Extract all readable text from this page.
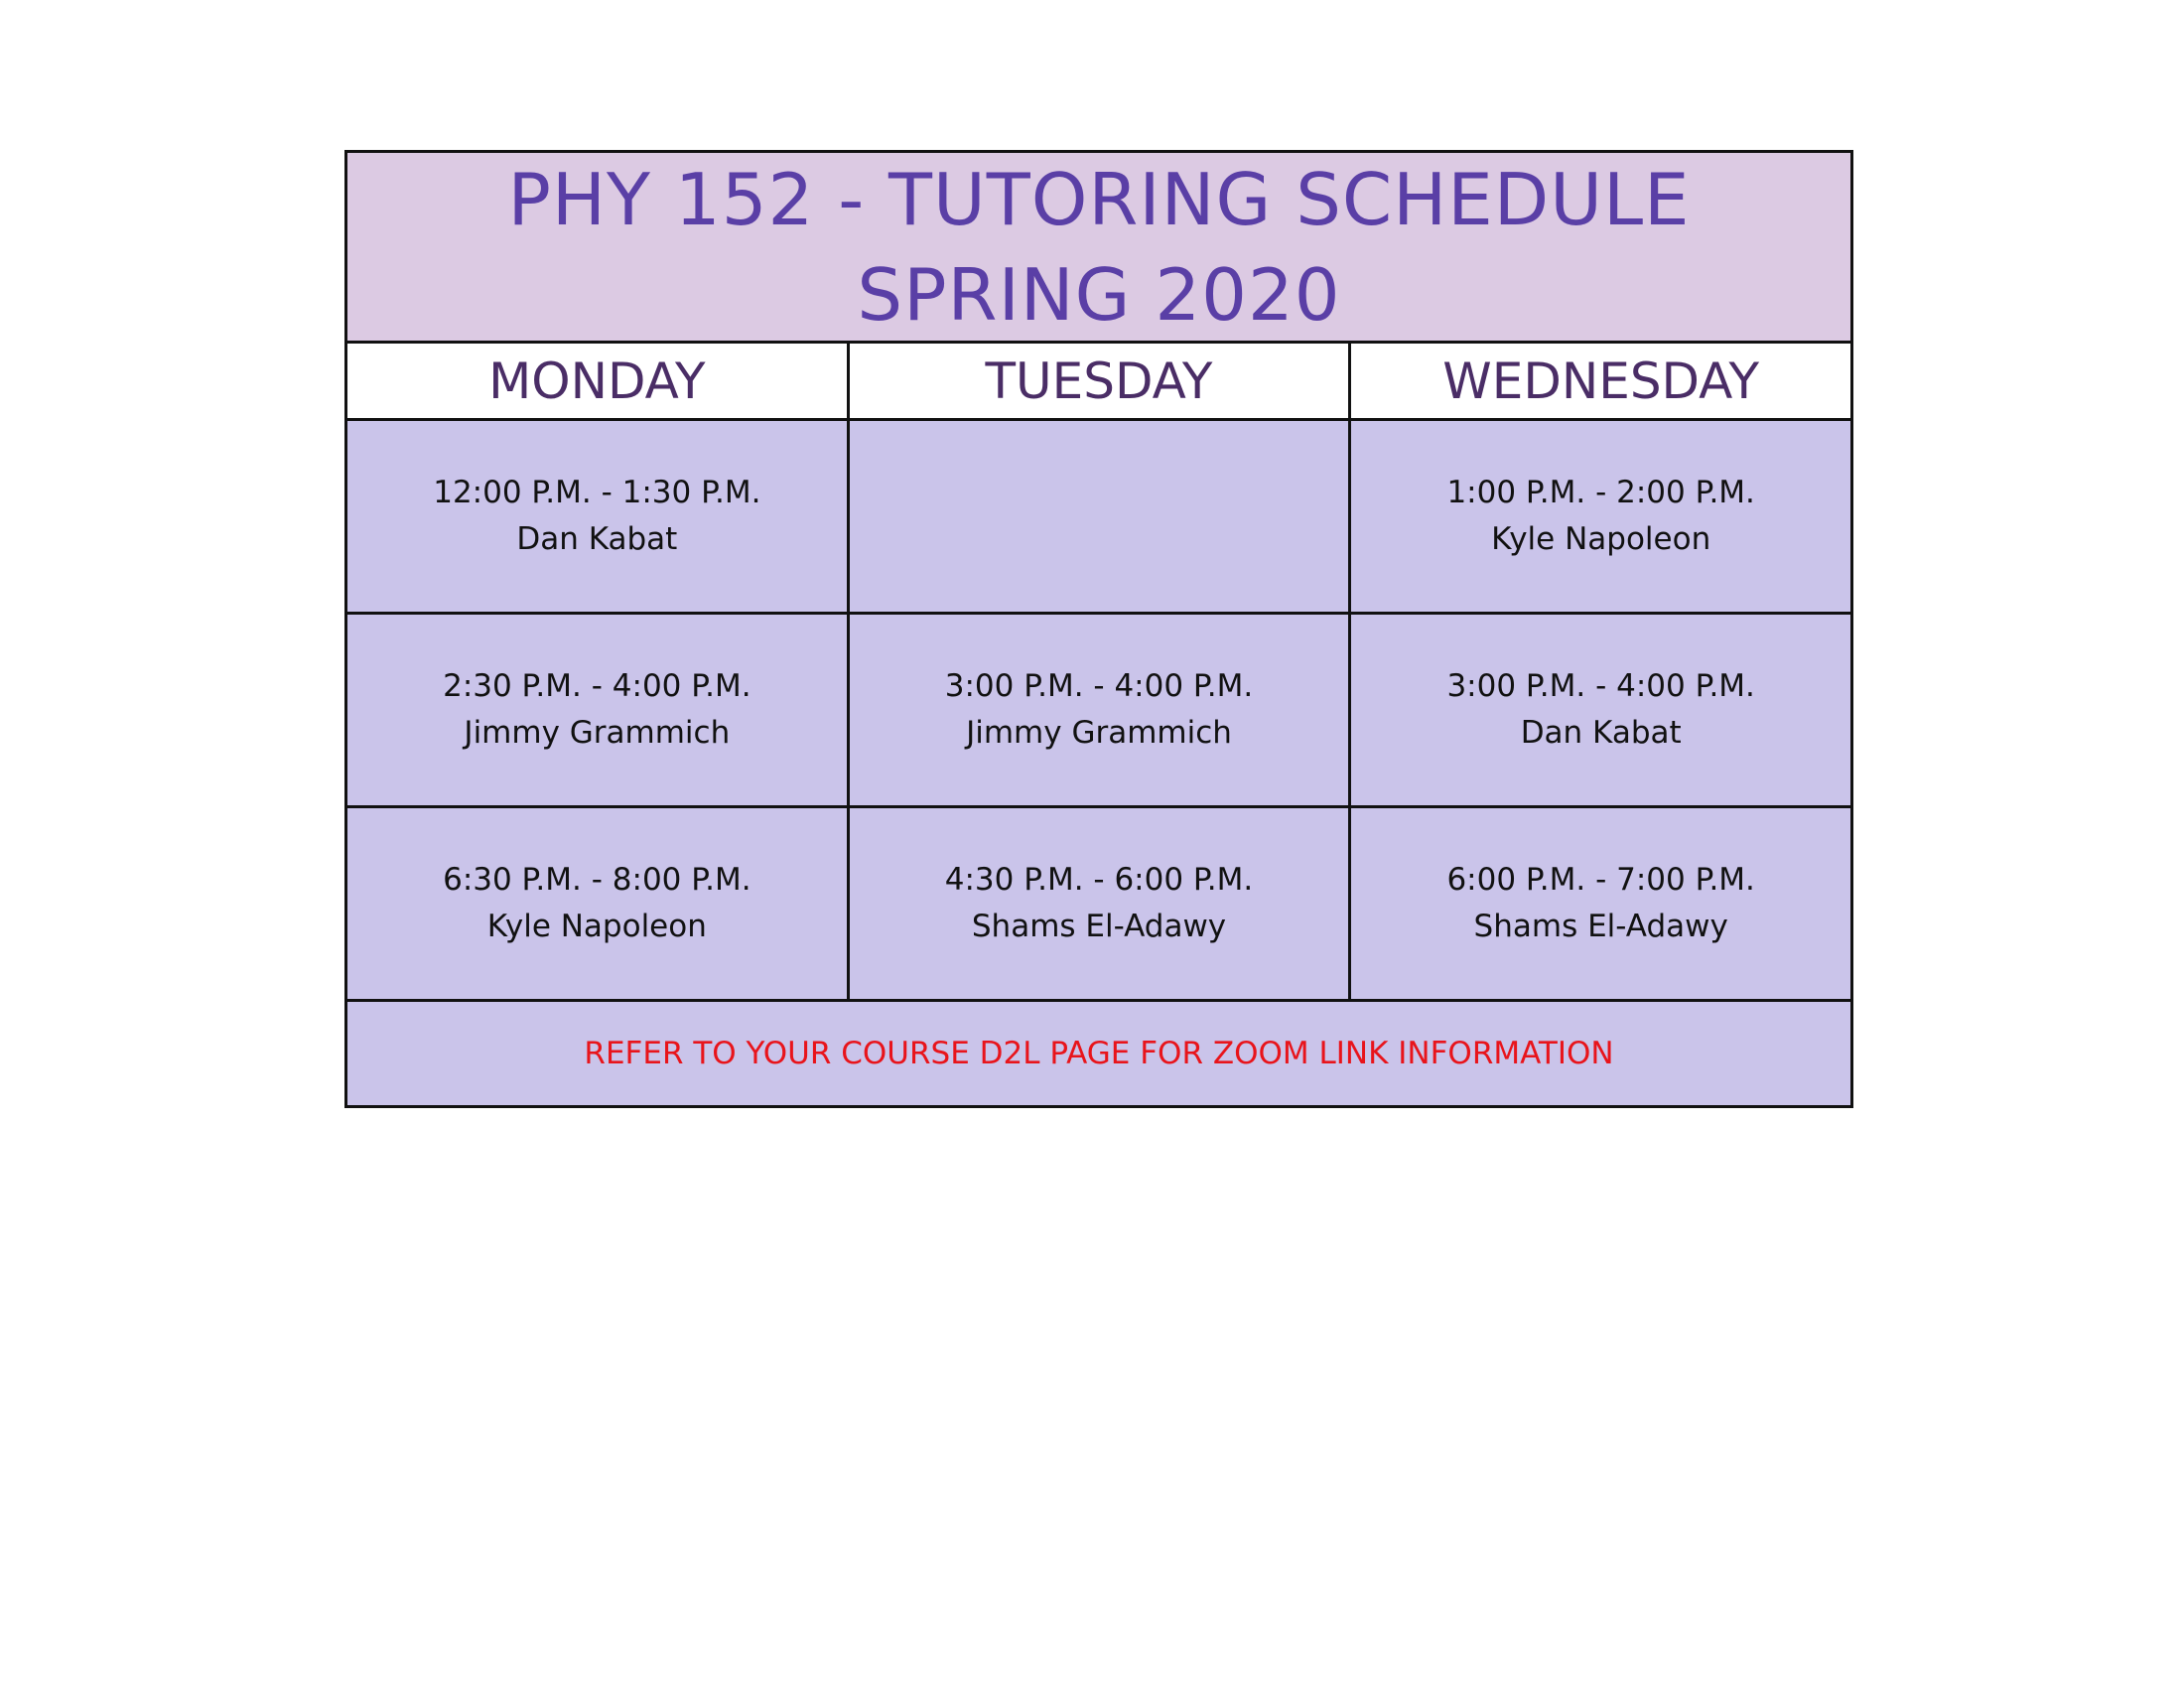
PHY 152 - TUTORING SCHEDULE
SPRING 2020
MONDAY	TUESDAY	WEDNESDAY
12:00 P.M. - 1:30 P.M.
Dan Kabat
1:00 P.M. - 2:00 P.M.
Kyle Napoleon
2:30 P.M. - 4:00 P.M.
Jimmy Grammich
3:00 P.M. - 4:00 P.M.
Jimmy Grammich
3:00 P.M. - 4:00 P.M.
Dan Kabat
6:30 P.M. - 8:00 P.M.
Kyle Napoleon
4:30 P.M. - 6:00 P.M.
Shams El-Adawy
6:00 P.M. - 7:00 P.M.
Shams El-Adawy
REFER TO YOUR COURSE D2L PAGE FOR ZOOM LINK INFORMATION
